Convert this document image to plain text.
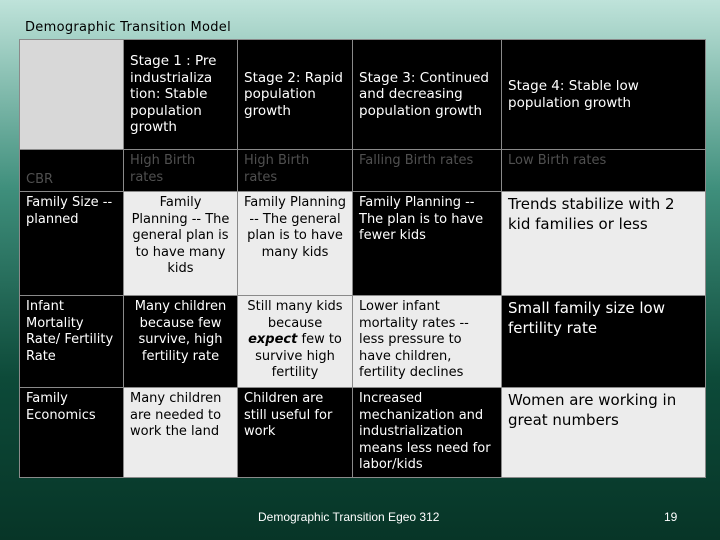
Demographic Transition Model
	Stage 1 : Pre industrializa tion: Stable population growth	Stage 2: Rapid population growth	Stage 3: Continued and decreasing population growth	Stage 4: Stable low population growth
CBR	High Birth rates	High Birth rates	Falling Birth rates	Low Birth rates
Family Size -- planned	Family Planning -- The general plan is to have many kids	Family Planning -- The general plan is to have many kids	Family Planning -- The plan is to have fewer kids	Trends stabilize with 2 kid families or less
Infant Mortality Rate/ Fertility Rate	Many children because few survive, high fertility rate	Still many kids because expect few to survive high fertility	Lower infant mortality rates -- less pressure to have children, fertility declines	Small family size low fertility rate
Family Economics	Many children are needed to work the land	Children are still useful for work	Increased mechanization and industrialization means less need for labor/kids	Women are working in great numbers
Demographic Transition Egeo 312	19
